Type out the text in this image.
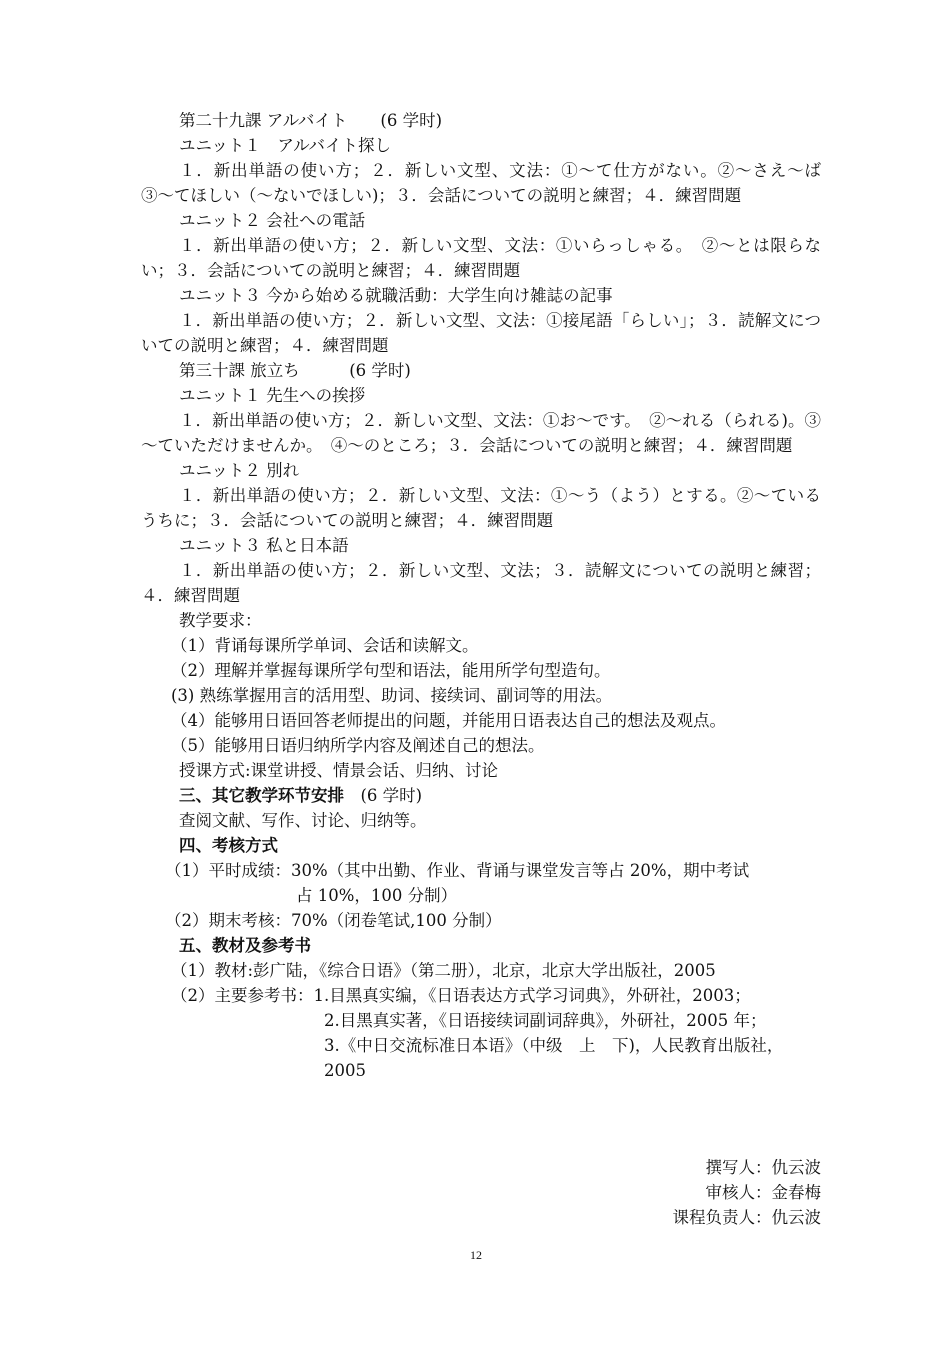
第二十九課 アルバイト　　(6 学时)
ユニット１　アルバイト探し
１．新出単語の使い方；２．新しい文型、文法：①～て仕方がない。②～さえ～ば　③～てほしい（～ないでほしい)；３．会話についての説明と練習；４．練習問題
ユニット２ 会社への電話
１．新出単語の使い方；２．新しい文型、文法：①いらっしゃる。　②～とは限らない；３．会話についての説明と練習；４．練習問題
ユニット３ 今から始める就職活動：大学生向け雑誌の記事
１．新出単語の使い方；２．新しい文型、文法：①接尾語「らしい」；３．読解文についての説明と練習；４．練習問題
第三十課 旅立ち　　　(6 学时)
ユニット１ 先生への挨拶
１．新出単語の使い方；２．新しい文型、文法：①お～です。　②～れる（られる)。③～ていただけませんか。　④～のところ；３．会話についての説明と練習；４．練習問題
ユニット２ 別れ
１．新出単語の使い方；２．新しい文型、文法：①～う（よう）とする。②～ているうちに；３．会話についての説明と練習；４．練習問題
ユニット３ 私と日本語
１．新出単語の使い方；２．新しい文型、文法；３．読解文についての説明と練習；４．練習問題
教学要求：
（1）背诵每课所学单词、会话和读解文。
（2）理解并掌握每课所学句型和语法，能用所学句型造句。
(3) 熟练掌握用言的活用型、助词、接续词、副词等的用法。
（4）能够用日语回答老师提出的问题，并能用日语表达自己的想法及观点。
（5）能够用日语归纳所学内容及阐述自己的想法。
授课方式:课堂讲授、情景会话、归纳、讨论
三、其它教学环节安排　(6 学时)
查阅文献、写作、讨论、归纳等。
四、考核方式
（1）平时成绩：30%（其中出勤、作业、背诵与课堂发言等占 20%，期中考试
占 10%，100 分制）
（2）期末考核：70%（闭卷笔试,100 分制）
五、教材及参考书
（1）教材:彭广陆，《综合日语》（第二册），北京，北京大学出版社，2005
（2）主要参考书：1.目黑真实编，《日语表达方式学习词典》，外研社，2003；
2.目黑真实著，《日语接续词副词辞典》，外研社，2005 年；
3.《中日交流标准日本语》（中级　上　下)，人民教育出版社，
2005
撰写人：仇云波
审核人：金春梅
课程负责人：仇云波
12
